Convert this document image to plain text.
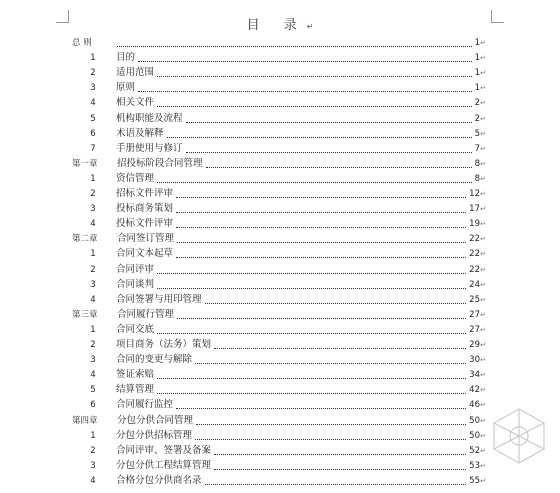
目 录↵
总 则	1 ↵
1	目的	1 ↵
2	适用范围	1 ↵
3	原则	1 ↵
4	相关文件	2 ↵
5	机构职能及流程	2 ↵
6	术语及解释	5 ↵
7	手册使用与修订	7 ↵
第一章	招投标阶段合同管理	8 ↵
1	资信管理	8 ↵
2	招标文件评审	12 ↵
3	投标商务策划	17 ↵
4	投标文件评审	19 ↵
第二章	合同签订管理	22 ↵
1	合同文本起草	22 ↵
2	合同评审	22 ↵
3	合同谈判	24 ↵
4	合同签署与用印管理	25 ↵
第三章	合同履行管理	27 ↵
1	合同交底	27 ↵
2	项目商务（法务）策划	29 ↵
3	合同的变更与解除	30 ↵
4	签证索赔	34 ↵
5	结算管理	42 ↵
6	合同履行监控	46 ↵
第四章	分包分供合同管理	50 ↵
1	分包分供招标管理	50 ↵
2	合同评审、签署及备案	52 ↵
3	分包分供工程结算管理	53 ↵
4	合格分包分供商名录	55 ↵
